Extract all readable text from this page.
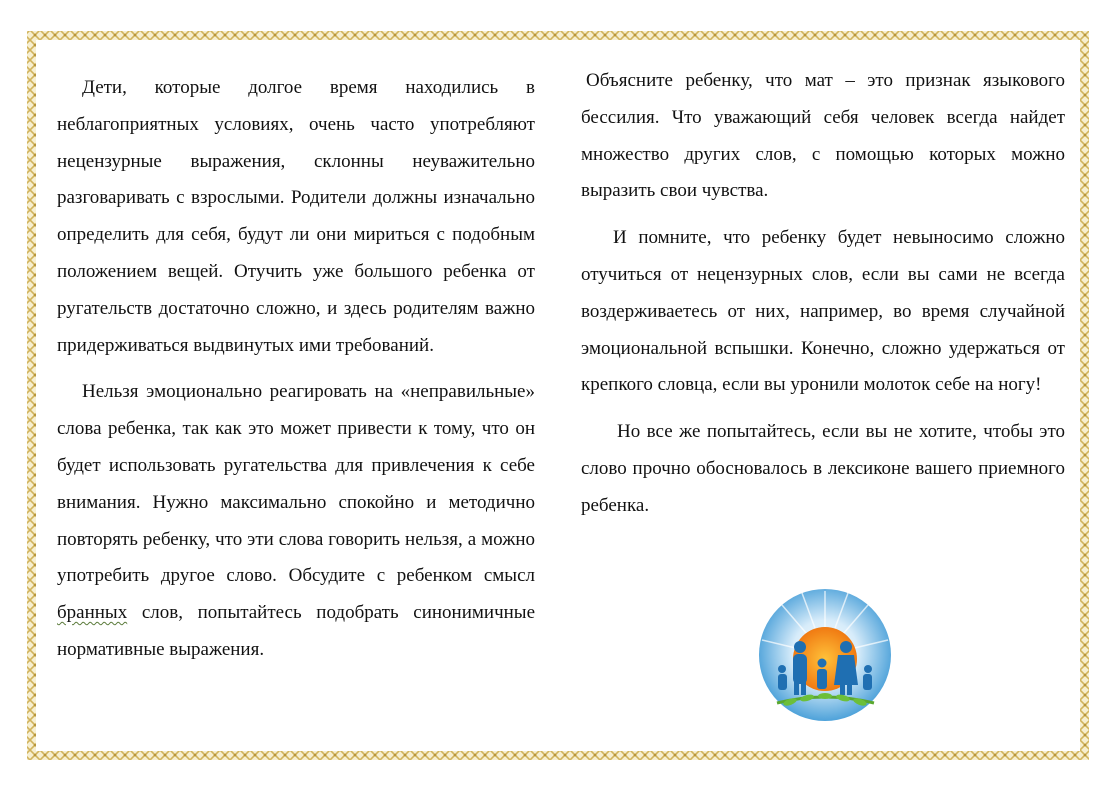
Дети, которые долгое время находились в неблагоприятных условиях, очень часто употребляют нецензурные выражения, склонны неуважительно разговаривать с взрослыми. Родители должны изначально определить для себя, будут ли они мириться с подобным положением вещей. Отучить уже большого ребенка от ругательств достаточно сложно, и здесь родителям важно придерживаться выдвинутых ими требований.

Нельзя эмоционально реагировать на «неправильные» слова ребенка, так как это может привести к тому, что он будет использовать ругательства для привлечения к себе внимания. Нужно максимально спокойно и методично повторять ребенку, что эти слова говорить нельзя, а можно употребить другое слово. Обсудите с ребенком смысл бранных слов, попытайтесь подобрать синонимичные нормативные выражения.

Объясните ребенку, что мат – это признак языкового бессилия. Что уважающий себя человек всегда найдет множество других слов, с помощью которых можно выразить свои чувства.

И помните, что ребенку будет невыносимо сложно отучиться от нецензурных слов, если вы сами не всегда воздерживаетесь от них, например, во время случайной эмоциональной вспышки. Конечно, сложно удержаться от крепкого словца, если вы уронили молоток себе на ногу!

Но все же попытайтесь, если вы не хотите, чтобы это слово прочно обосновалось в лексиконе вашего приемного ребенка.
